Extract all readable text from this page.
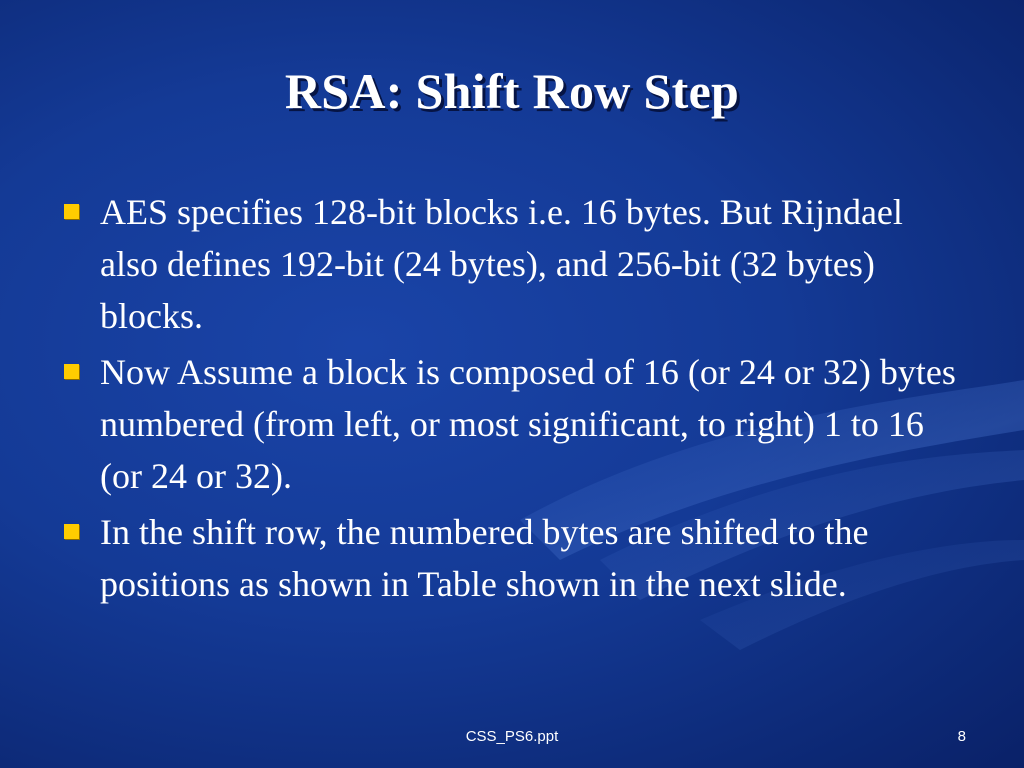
RSA: Shift Row Step
AES specifies 128-bit blocks i.e. 16 bytes. But Rijndael also defines 192-bit (24 bytes), and 256-bit (32 bytes) blocks.
Now Assume a block is composed of 16 (or 24 or 32) bytes numbered (from left, or most significant, to right) 1 to 16 (or 24 or 32).
In the shift row, the numbered bytes are shifted to the positions as shown in Table shown in the next slide.
CSS_PS6.ppt	8
